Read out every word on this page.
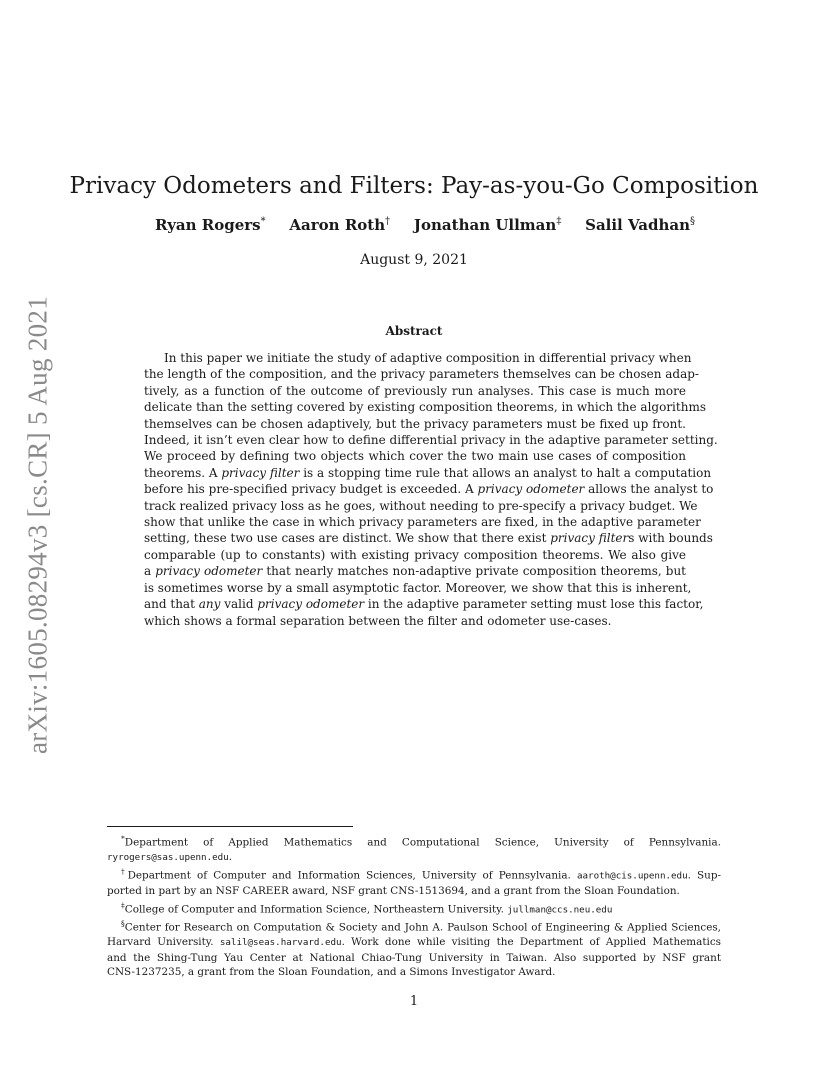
arXiv:1605.08294v3 [cs.CR] 5 Aug 2021
Privacy Odometers and Filters: Pay-as-you-Go Composition
Ryan Rogers* Aaron Roth† Jonathan Ullman‡ Salil Vadhan§
August 9, 2021
Abstract
In this paper we initiate the study of adaptive composition in differential privacy when
the length of the composition, and the privacy parameters themselves can be chosen adap-
tively, as a function of the outcome of previously run analyses. This case is much more
delicate than the setting covered by existing composition theorems, in which the algorithms
themselves can be chosen adaptively, but the privacy parameters must be fixed up front.
Indeed, it isn’t even clear how to define differential privacy in the adaptive parameter setting.
We proceed by defining two objects which cover the two main use cases of composition
theorems. A privacy filter is a stopping time rule that allows an analyst to halt a computation
before his pre-specified privacy budget is exceeded. A privacy odometer allows the analyst to
track realized privacy loss as he goes, without needing to pre-specify a privacy budget. We
show that unlike the case in which privacy parameters are fixed, in the adaptive parameter
setting, these two use cases are distinct. We show that there exist privacy filters with bounds
comparable (up to constants) with existing privacy composition theorems. We also give
a privacy odometer that nearly matches non-adaptive private composition theorems, but
is sometimes worse by a small asymptotic factor. Moreover, we show that this is inherent,
and that any valid privacy odometer in the adaptive parameter setting must lose this factor,
which shows a formal separation between the filter and odometer use-cases.
*Department of Applied Mathematics and Computational Science, University of Pennsylvania.
ryrogers@sas.upenn.edu.
†Department of Computer and Information Sciences, University of Pennsylvania. aaroth@cis.upenn.edu. Sup-
ported in part by an NSF CAREER award, NSF grant CNS-1513694, and a grant from the Sloan Foundation.
‡College of Computer and Information Science, Northeastern University. jullman@ccs.neu.edu
§Center for Research on Computation & Society and John A. Paulson School of Engineering & Applied Sciences,
Harvard University. salil@seas.harvard.edu. Work done while visiting the Department of Applied Mathematics
and the Shing-Tung Yau Center at National Chiao-Tung University in Taiwan. Also supported by NSF grant
CNS-1237235, a grant from the Sloan Foundation, and a Simons Investigator Award.
1
